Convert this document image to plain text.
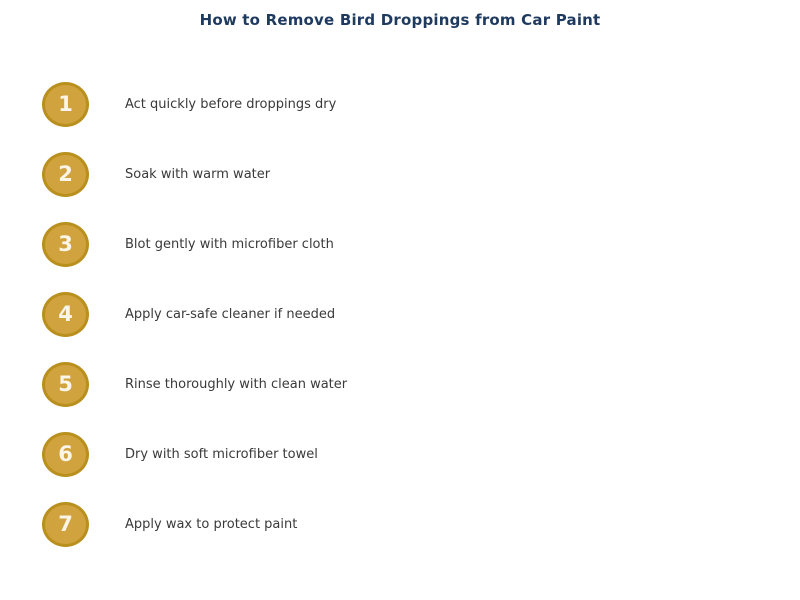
How to Remove Bird Droppings from Car Paint
1	Act quickly before droppings dry
2	Soak with warm water
3	Blot gently with microfiber cloth
4	Apply car-safe cleaner if needed
5	Rinse thoroughly with clean water
6	Dry with soft microfiber towel
7	Apply wax to protect paint
